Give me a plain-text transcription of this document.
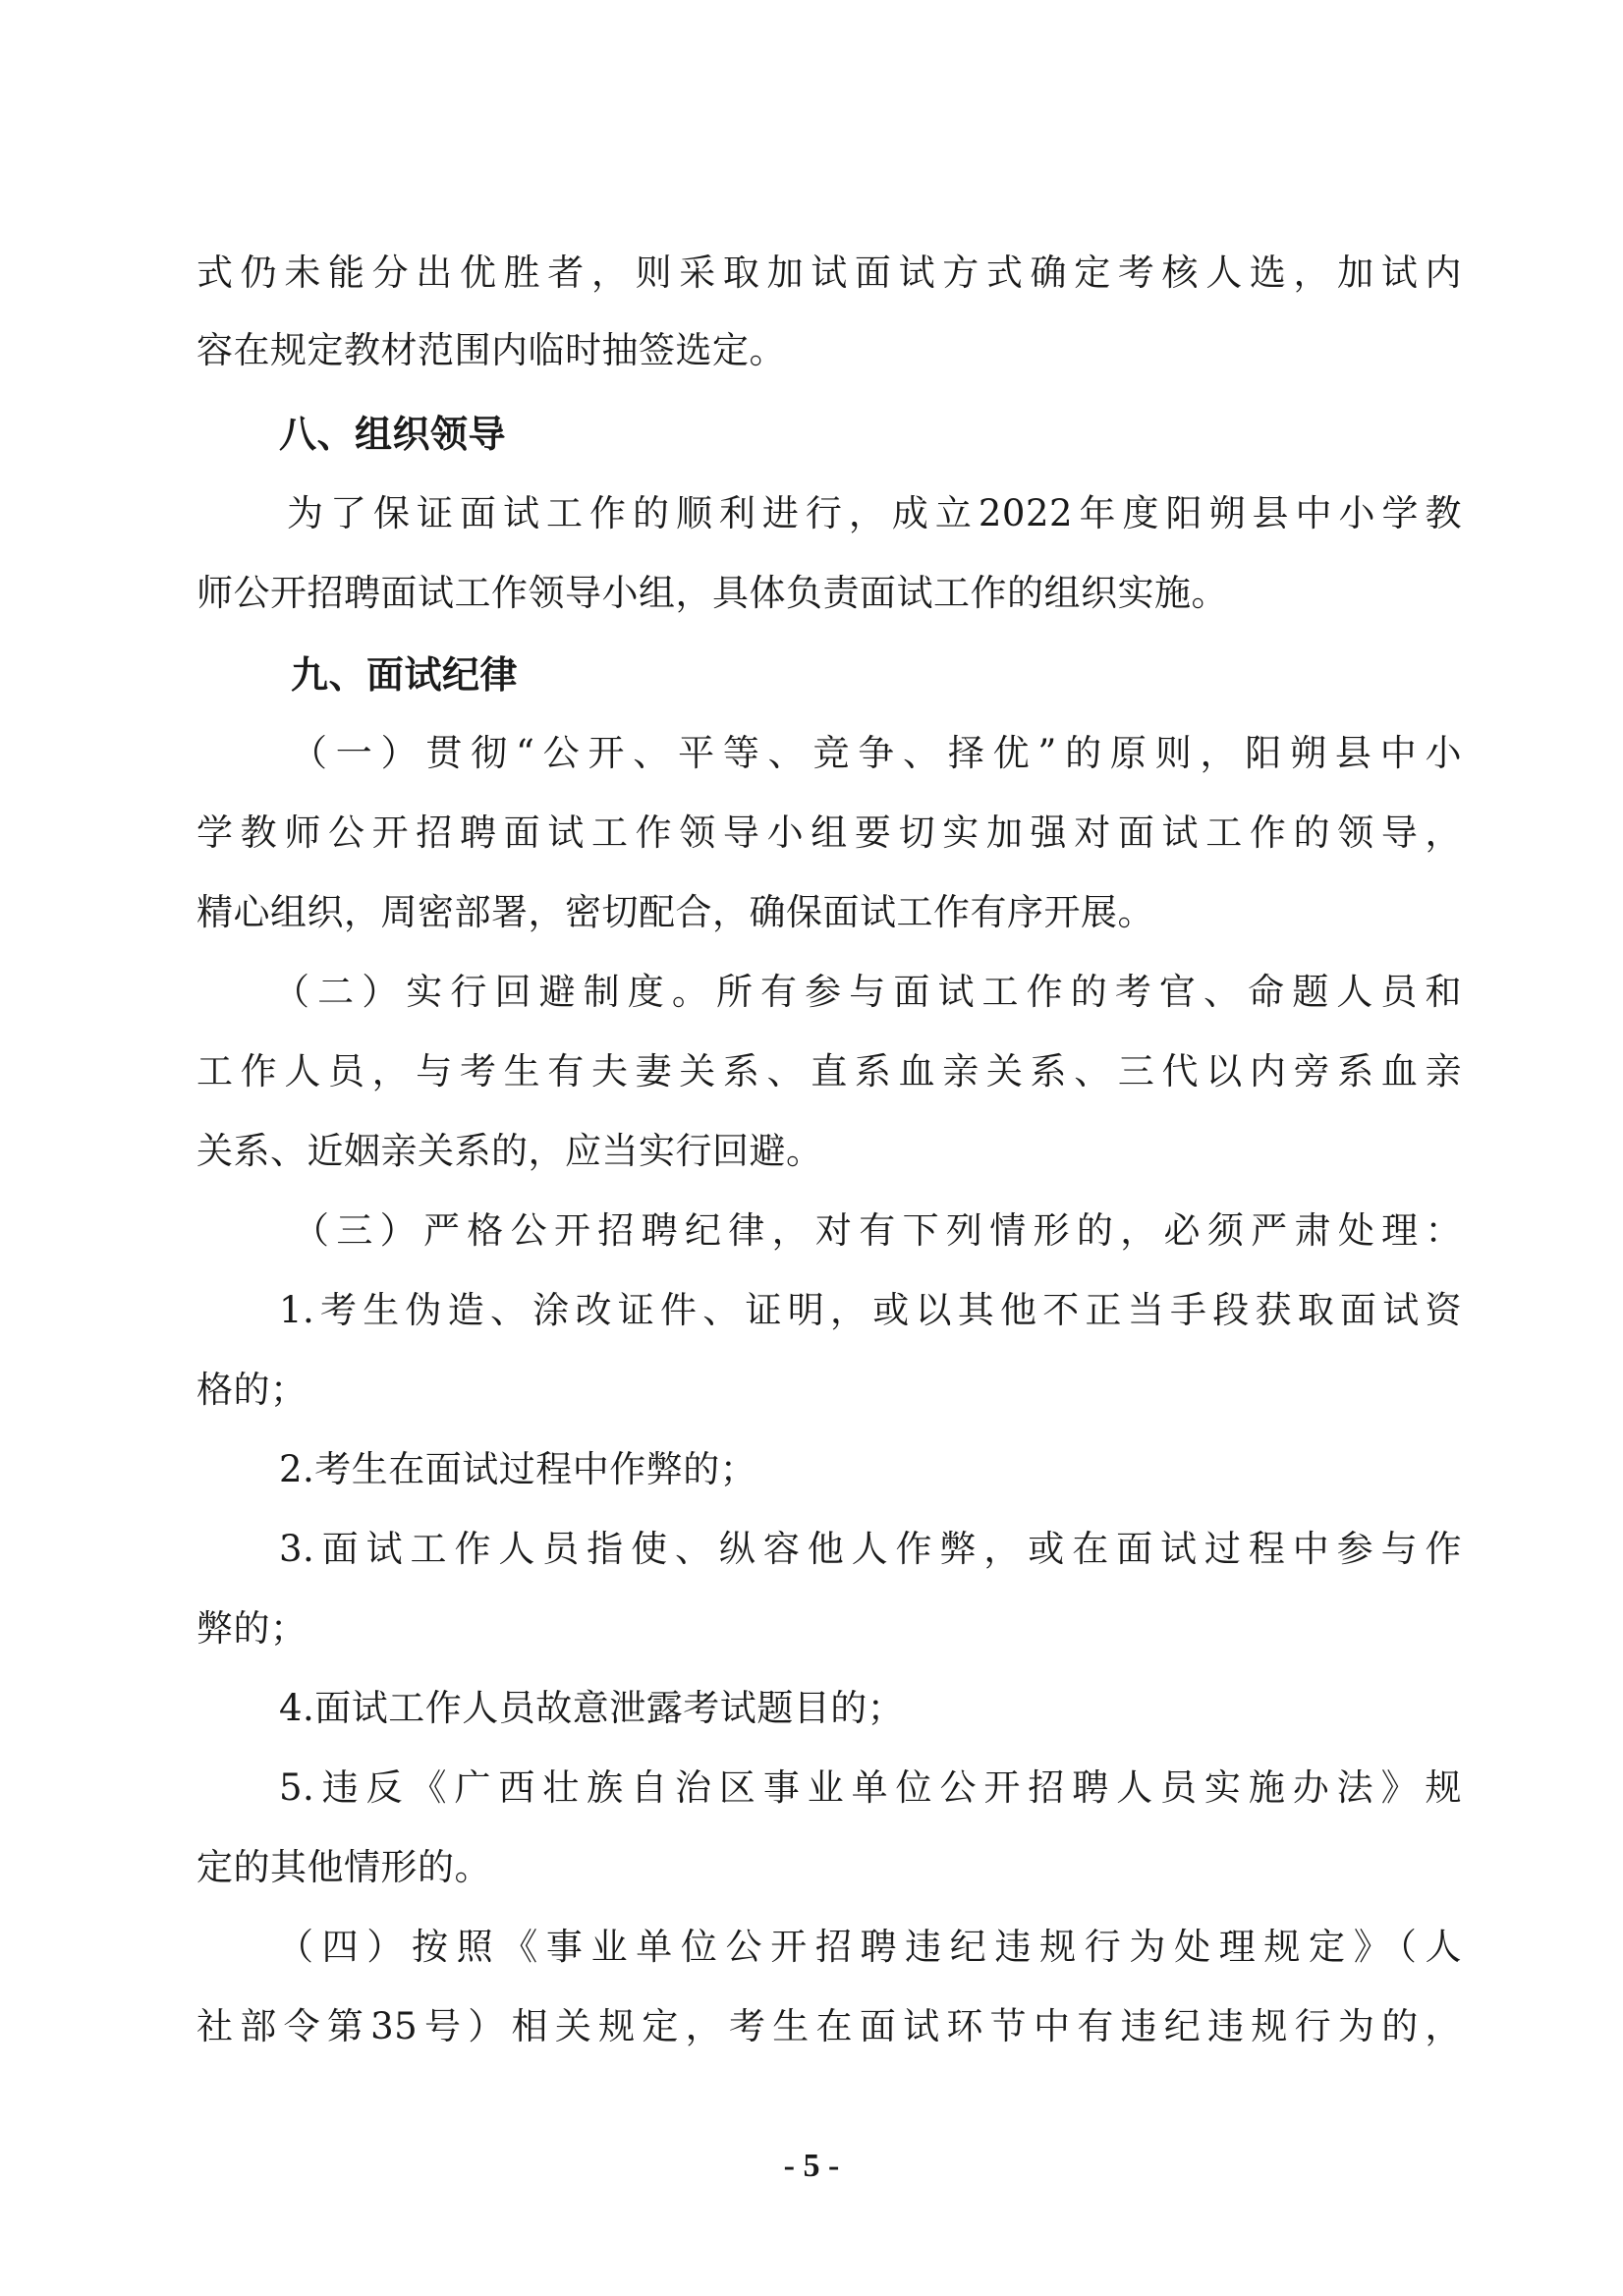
式仍未能分出优胜者，则采取加试面试方式确定考核人选，加试内
容在规定教材范围内临时抽签选定。
八、组织领导
为了保证面试工作的顺利进行，成立2022年度阳朔县中小学教
师公开招聘面试工作领导小组，具体负责面试工作的组织实施。
九、面试纪律
（一）贯彻“公开、平等、竞争、择优”的原则，阳朔县中小
学教师公开招聘面试工作领导小组要切实加强对面试工作的领导，
精心组织，周密部署，密切配合，确保面试工作有序开展。
（二）实行回避制度。所有参与面试工作的考官、命题人员和
工作人员，与考生有夫妻关系、直系血亲关系、三代以内旁系血亲
关系、近姻亲关系的，应当实行回避。
（三）严格公开招聘纪律，对有下列情形的，必须严肃处理：
1.考生伪造、涂改证件、证明，或以其他不正当手段获取面试资
格的；
2.考生在面试过程中作弊的；
3.面试工作人员指使、纵容他人作弊，或在面试过程中参与作
弊的；
4.面试工作人员故意泄露考试题目的；
5.违反《广西壮族自治区事业单位公开招聘人员实施办法》规
定的其他情形的。
（四）按照《事业单位公开招聘违纪违规行为处理规定》（人
社部令第35号）相关规定，考生在面试环节中有违纪违规行为的，
- 5 -
